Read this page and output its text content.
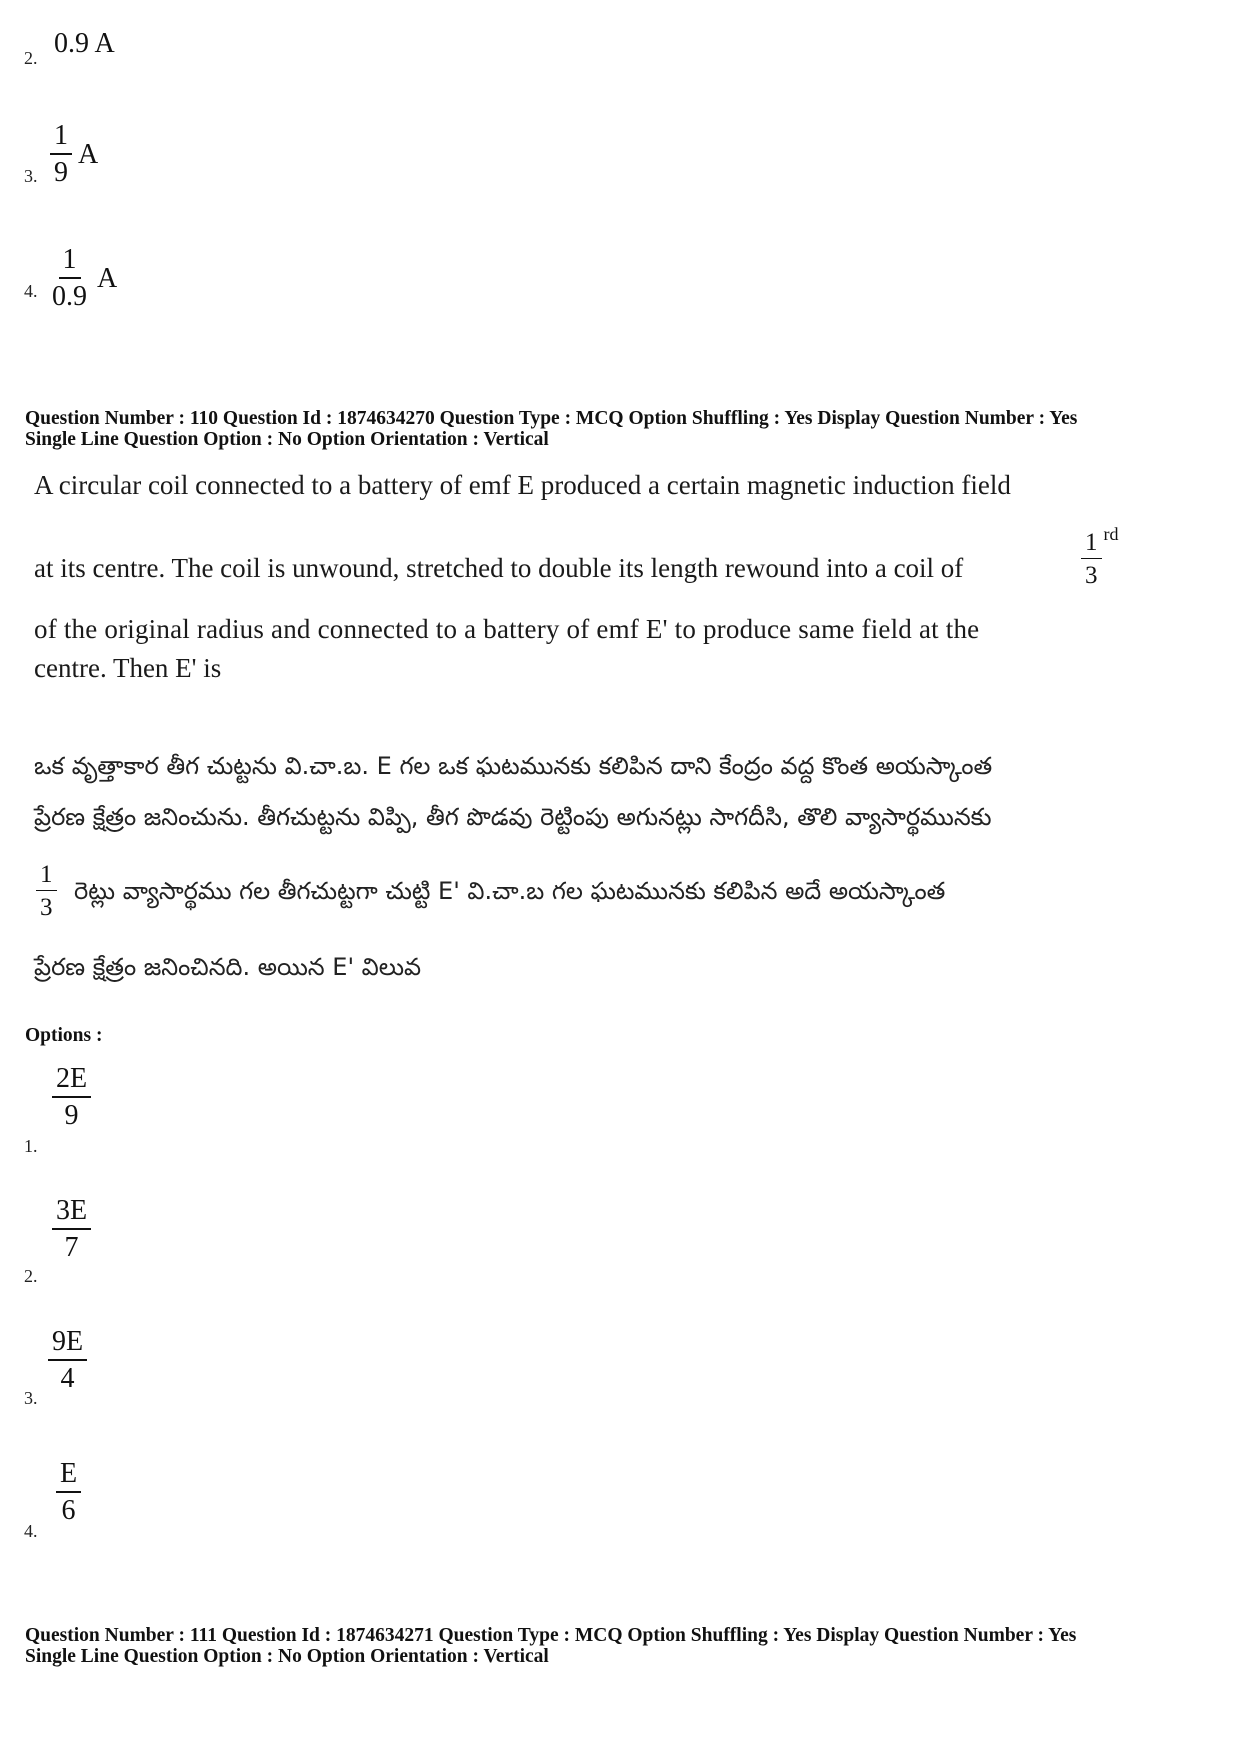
2. 0.9 A
3. $\frac{1}{9}$ A
4. $\frac{1}{0.9}$ A
Question Number : 110 Question Id : 1874634270 Question Type : MCQ Option Shuffling : Yes Display Question Number : Yes
Single Line Question Option : No Option Orientation : Vertical
A circular coil connected to a battery of emf E produced a certain magnetic induction field
at its centre. The coil is unwound, stretched to double its length rewound into a coil of	$\frac{1}{3}$ rd
of the original radius and connected to a battery of emf E' to produce same field at the
centre. Then E' is
ఒక వృత్తాకార తీగ చుట్టను వి.చా.బ. E గల ఒక ఘటమునకు కలిపిన దాని కేంద్రం వద్ద కొంత అయస్కాంత
ప్రేరణ క్షేత్రం జనించును. తీగచుట్టను విప్పి, తీగ పొడవు రెట్టింపు అగునట్లు సాగదీసి, తొలి వ్యాసార్థమునకు
$\frac{1}{3}$ రెట్లు వ్యాసార్థము గల తీగచుట్టగా చుట్టి E' వి.చా.బ గల ఘటమునకు కలిపిన అదే అయస్కాంత
ప్రేరణ క్షేత్రం జనించినది. అయిన E' విలువ
Options :
1.
$\frac{2E}{9}$
2.
$\frac{3E}{7}$
3.
$\frac{9E}{4}$
4.
$\frac{E}{6}$
Question Number : 111 Question Id : 1874634271 Question Type : MCQ Option Shuffling : Yes Display Question Number : Yes
Single Line Question Option : No Option Orientation : Vertical
